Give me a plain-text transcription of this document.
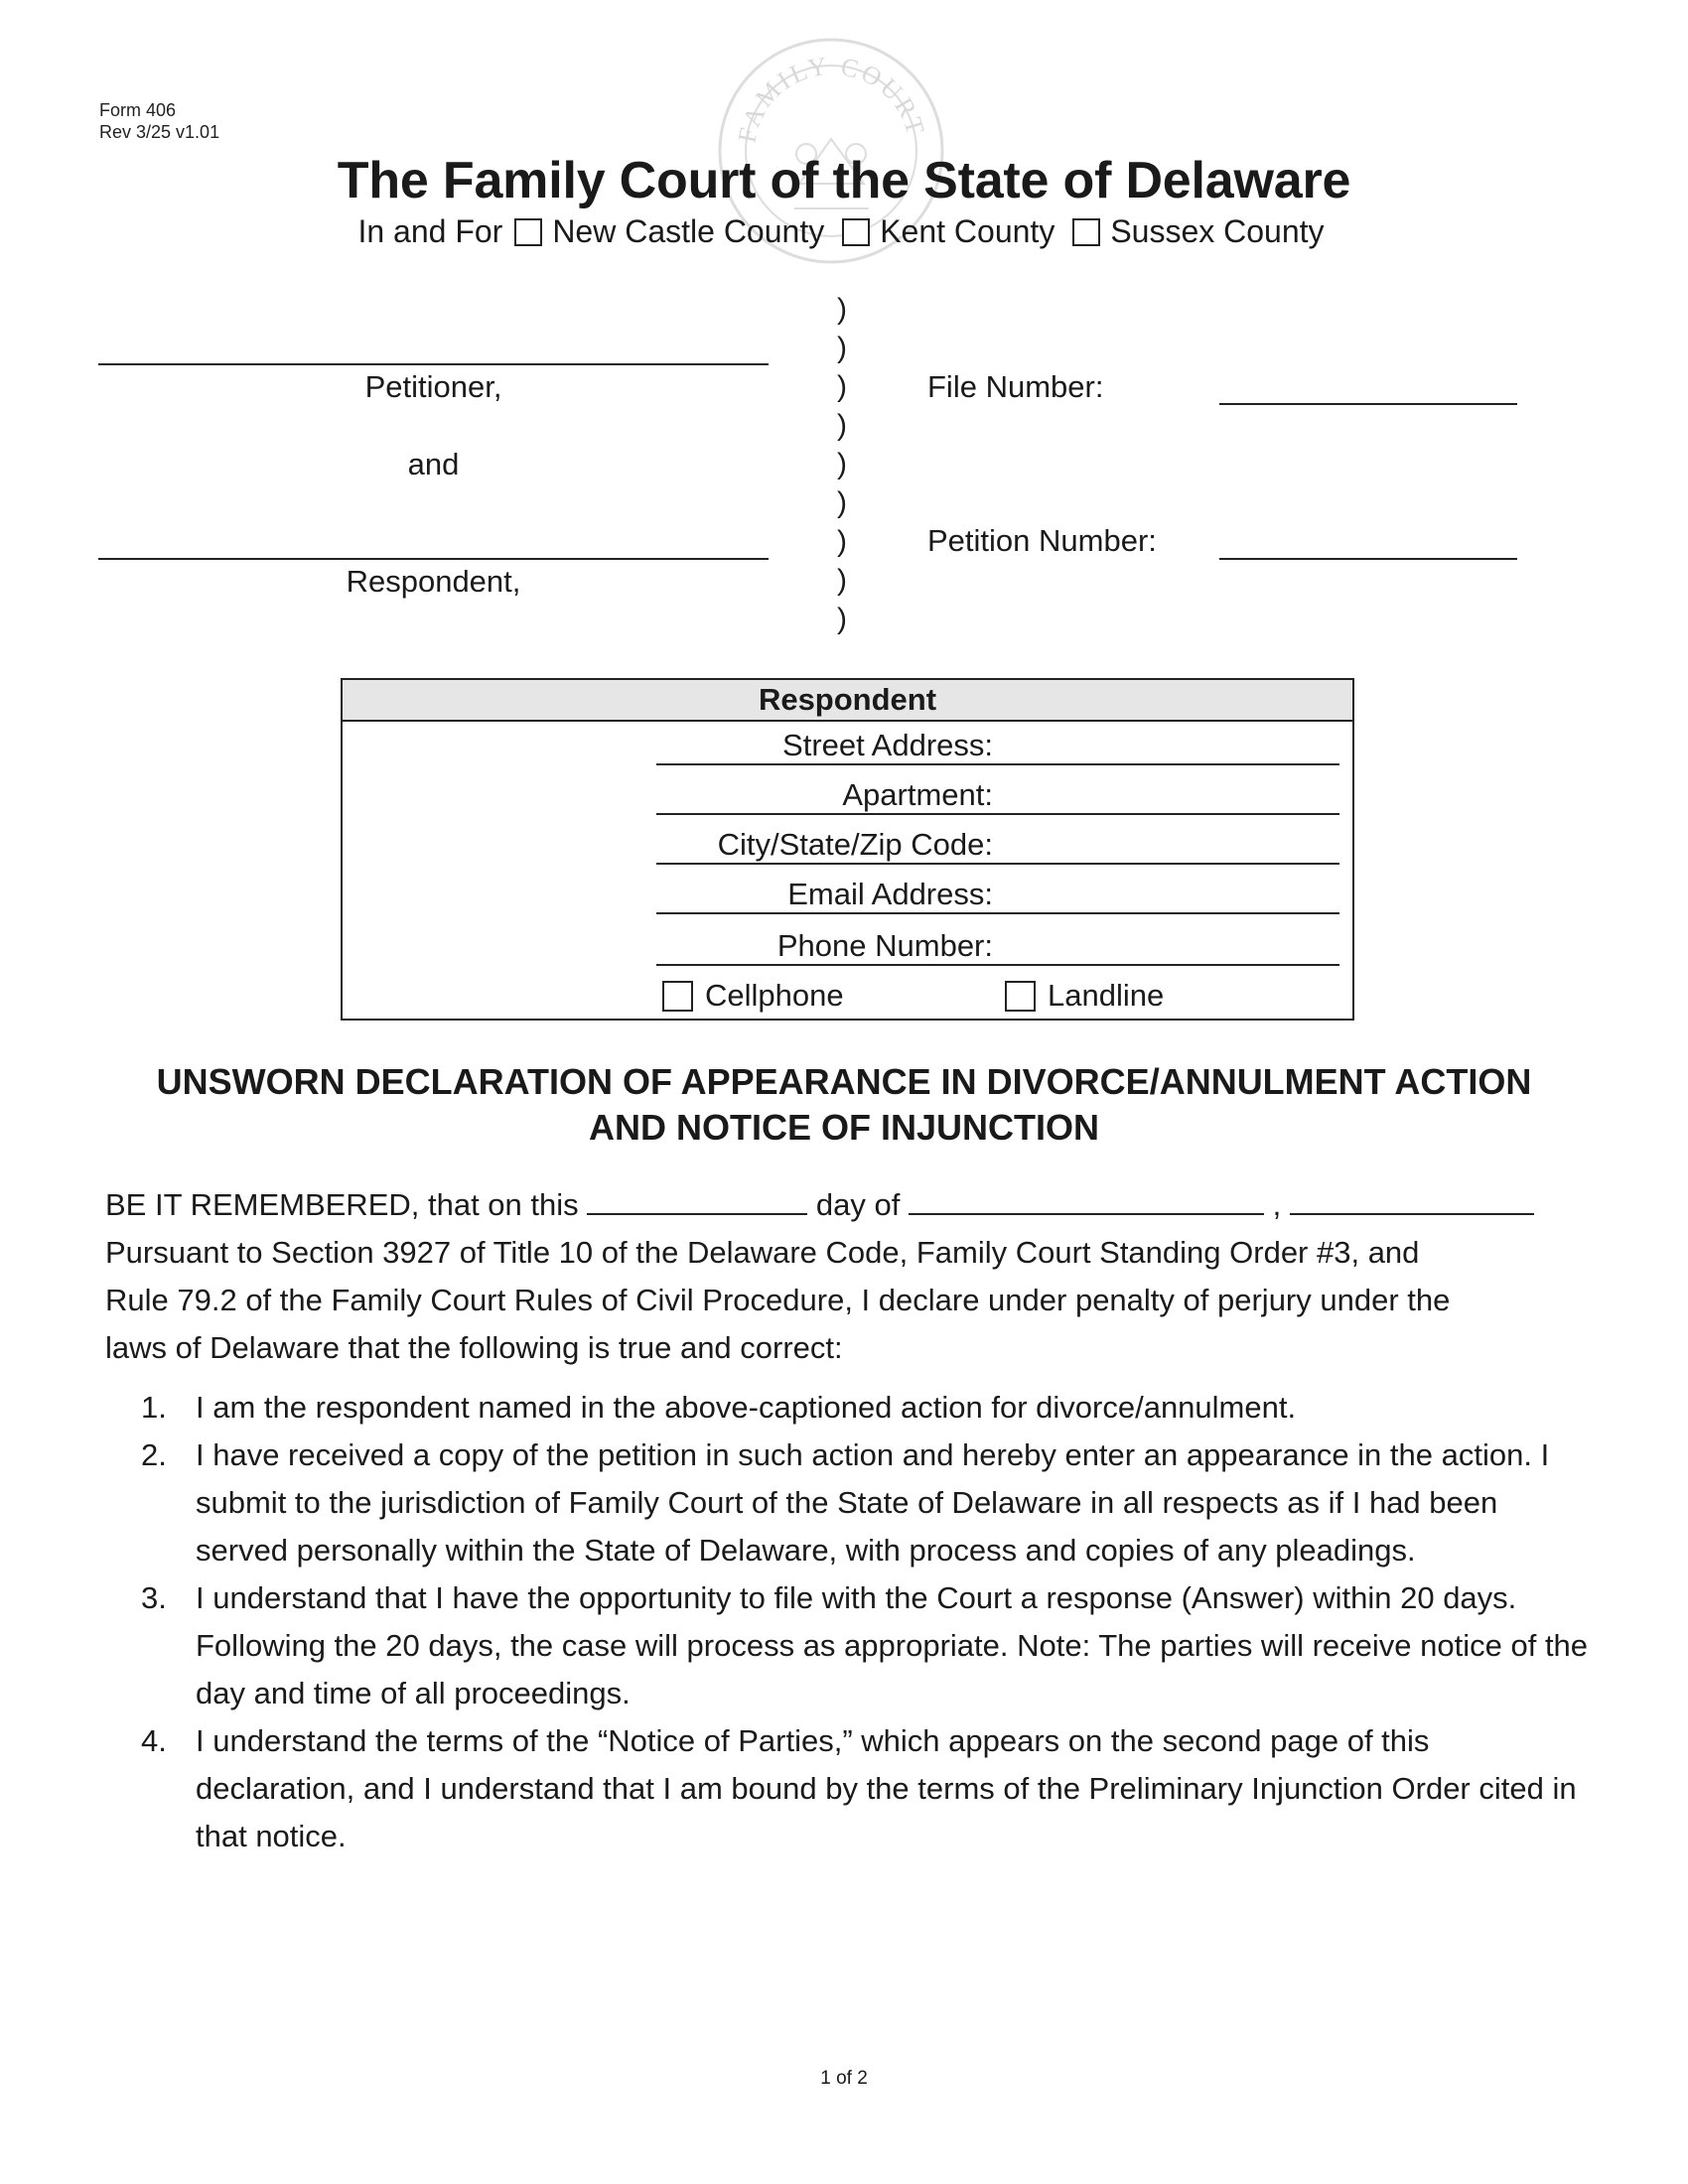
Form 406
Rev 3/25 v1.01	FAMILY COURT
The Family Court of the State of Delaware
In and For New Castle County Kent County Sussex County
Petitioner,
and
Respondent,
)
)
)
)
)
)
)
)
)
File Number:
Petition Number:
Respondent
Street Address:
Apartment:
City/State/Zip Code:
Email Address:
Phone Number:
Cellphone	Landline
UNSWORN DECLARATION OF APPEARANCE IN DIVORCE/ANNULMENT ACTION
AND NOTICE OF INJUNCTION
BE IT REMEMBERED, that on this	day of	,
Pursuant to Section 3927 of Title 10 of the Delaware Code, Family Court Standing Order #3, and
Rule 79.2 of the Family Court Rules of Civil Procedure, I declare under penalty of perjury under the
laws of Delaware that the following is true and correct:
1. I am the respondent named in the above-captioned action for divorce/annulment.
2. I have received a copy of the petition in such action and hereby enter an appearance in the action. I submit to the jurisdiction of Family Court of the State of Delaware in all respects as if I had been served personally within the State of Delaware, with process and copies of any pleadings.
3. I understand that I have the opportunity to file with the Court a response (Answer) within 20 days. Following the 20 days, the case will process as appropriate. Note: The parties will receive notice of the day and time of all proceedings.
4. I understand the terms of the “Notice of Parties,” which appears on the second page of this declaration, and I understand that I am bound by the terms of the Preliminary Injunction Order cited in that notice.
1 of 2
